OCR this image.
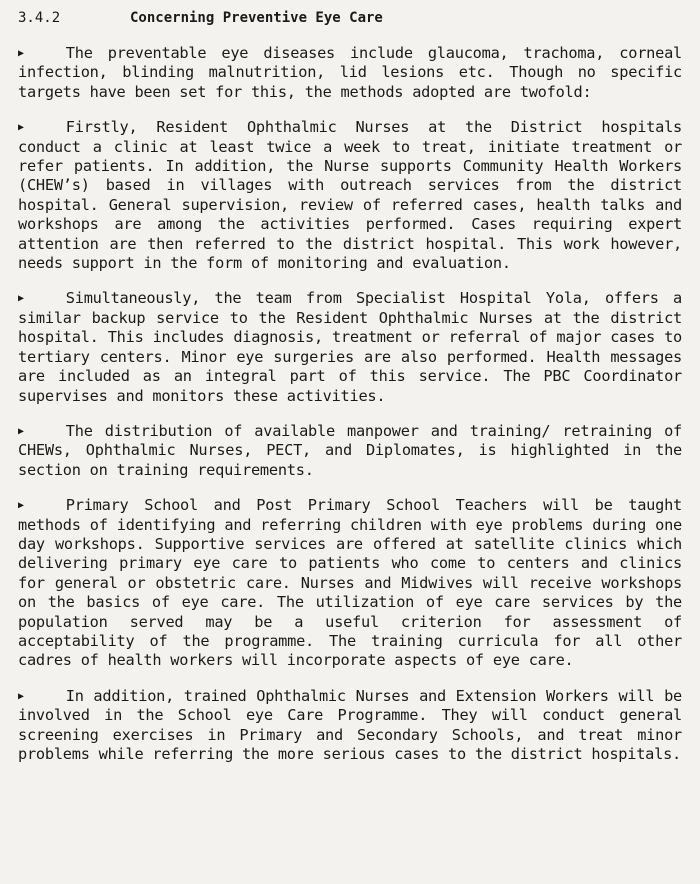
3.4.2	Concerning Preventive Eye Care

▶	The preventable eye diseases include glaucoma, trachoma, corneal infection, blinding malnutrition, lid lesions etc. Though no specific targets have been set for this, the methods adopted are twofold:

▶	Firstly, Resident Ophthalmic Nurses at the District hospitals conduct a clinic at least twice a week to treat, initiate treatment or refer patients. In addition, the Nurse supports Community Health Workers (CHEW’s) based in villages with outreach services from the district hospital. General supervision, review of referred cases, health talks and workshops are among the activities performed. Cases requiring expert attention are then referred to the district hospital. This work however, needs support in the form of monitoring and evaluation.

▶	Simultaneously, the team from Specialist Hospital Yola, offers a similar backup service to the Resident Ophthalmic Nurses at the district hospital. This includes diagnosis, treatment or referral of major cases to tertiary centers. Minor eye surgeries are also performed. Health messages are included as an integral part of this service. The PBC Coordinator supervises and monitors these activities.

▶	The distribution of available manpower and training/ retraining of CHEWs, Ophthalmic Nurses, PECT, and Diplomates, is highlighted in the section on training requirements.

▶	Primary School and Post Primary School Teachers will be taught methods of identifying and referring children with eye problems during one day workshops. Supportive services are offered at satellite clinics which delivering primary eye care to patients who come to centers and clinics for general or obstetric care. Nurses and Midwives will receive workshops on the basics of eye care. The utilization of eye care services by the population served may be a useful criterion for assessment of acceptability of the programme. The training curricula for all other cadres of health workers will incorporate aspects of eye care.

▶	In addition, trained Ophthalmic Nurses and Extension Workers will be involved in the School eye Care Programme. They will conduct general screening exercises in Primary and Secondary Schools, and treat minor problems while referring the more serious cases to the district hospitals.
